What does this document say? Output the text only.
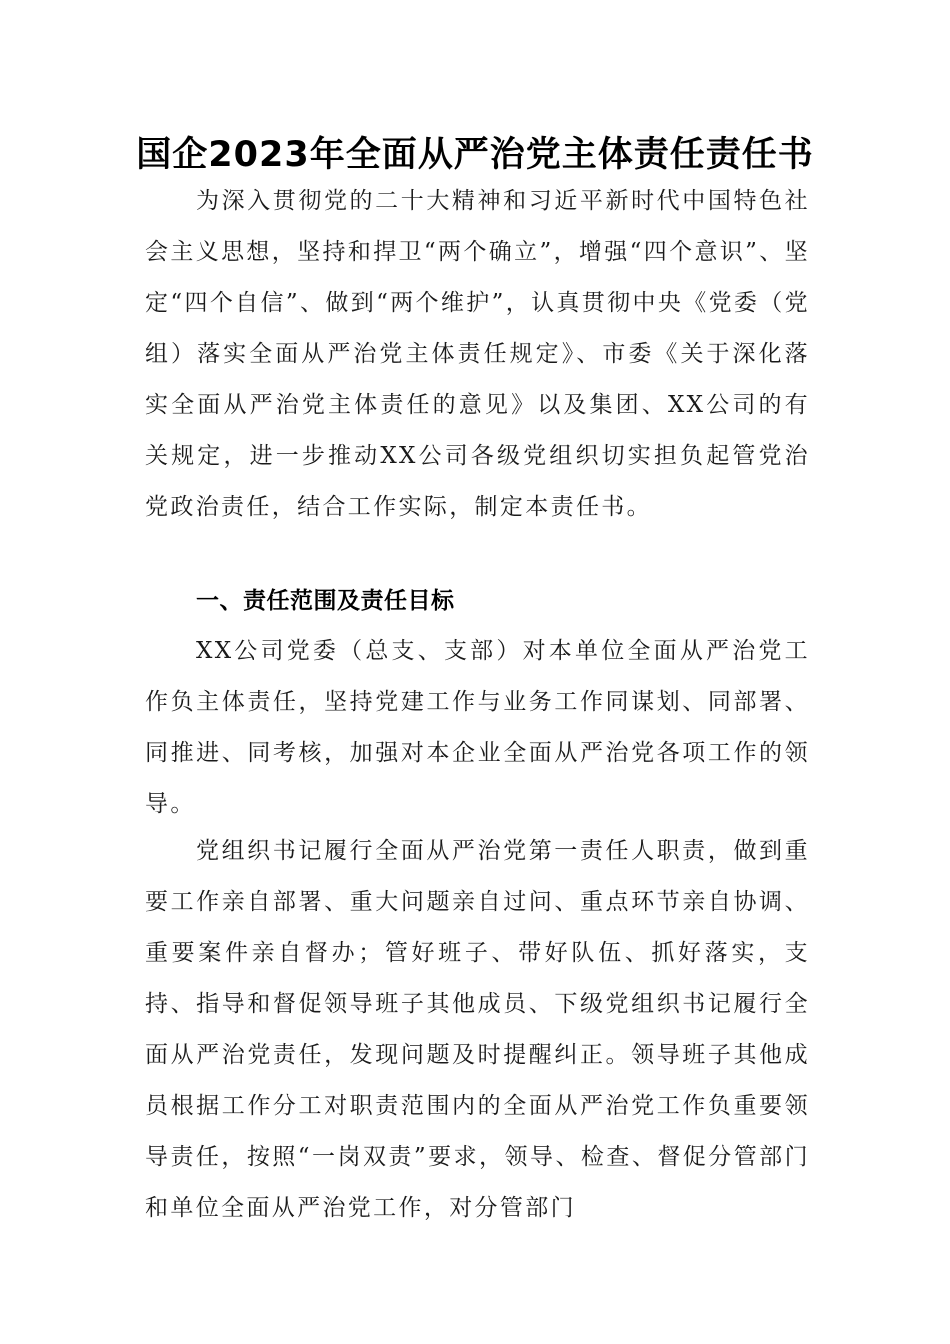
国企2023年全面从严治党主体责任责任书

为深入贯彻党的二十大精神和习近平新时代中国特色社会主义思想，坚持和捍卫“两个确立”，增强“四个意识”、坚定“四个自信”、做到“两个维护”，认真贯彻中央《党委（党组）落实全面从严治党主体责任规定》、市委《关于深化落实全面从严治党主体责任的意见》以及集团、XX公司的有关规定，进一步推动XX公司各级党组织切实担负起管党治党政治责任，结合工作实际，制定本责任书。

一、责任范围及责任目标

XX公司党委（总支、支部）对本单位全面从严治党工作负主体责任，坚持党建工作与业务工作同谋划、同部署、同推进、同考核，加强对本企业全面从严治党各项工作的领导。

党组织书记履行全面从严治党第一责任人职责，做到重要工作亲自部署、重大问题亲自过问、重点环节亲自协调、重要案件亲自督办；管好班子、带好队伍、抓好落实，支持、指导和督促领导班子其他成员、下级党组织书记履行全面从严治党责任，发现问题及时提醒纠正。领导班子其他成员根据工作分工对职责范围内的全面从严治党工作负重要领导责任，按照“一岗双责”要求，领导、检查、督促分管部门和单位全面从严治党工作，对分管部门
